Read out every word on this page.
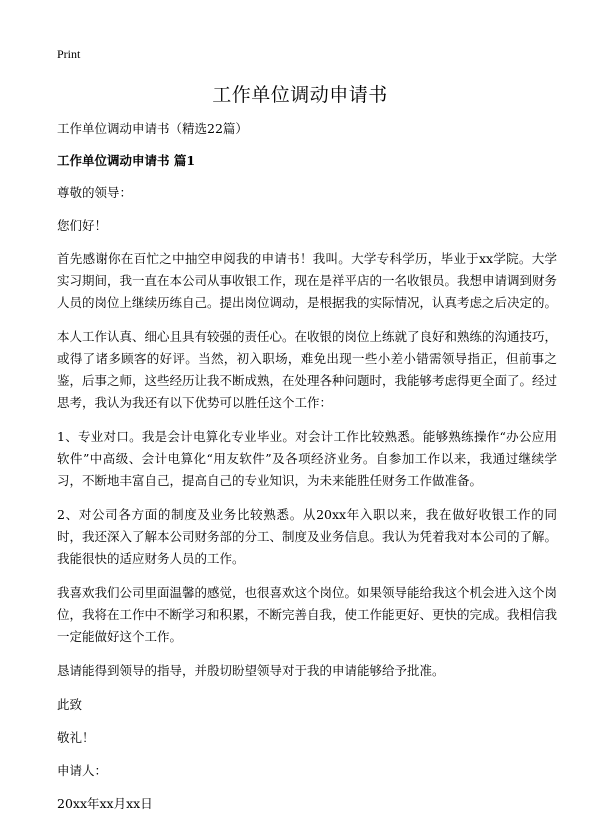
Print
工作单位调动申请书

工作单位调动申请书（精选22篇）

工作单位调动申请书 篇1

尊敬的领导：

您们好！

首先感谢你在百忙之中抽空申阅我的申请书！我叫。大学专科学历，毕业于xx学院。大学实习期间，我一直在本公司从事收银工作，现在是祥平店的一名收银员。我想申请调到财务人员的岗位上继续历练自己。提出岗位调动，是根据我的实际情况，认真考虑之后决定的。

本人工作认真、细心且具有较强的责任心。在收银的岗位上练就了良好和熟练的沟通技巧，或得了诸多顾客的好评。当然，初入职场，难免出现一些小差小错需领导指正，但前事之鉴，后事之师，这些经历让我不断成熟，在处理各种问题时，我能够考虑得更全面了。经过思考，我认为我还有以下优势可以胜任这个工作：

1、专业对口。我是会计电算化专业毕业。对会计工作比较熟悉。能够熟练操作“办公应用软件”中高级、会计电算化“用友软件”及各项经济业务。自参加工作以来，我通过继续学习，不断地丰富自己，提高自己的专业知识，为未来能胜任财务工作做准备。

2、对公司各方面的制度及业务比较熟悉。从20xx年入职以来，我在做好收银工作的同时，我还深入了解本公司财务部的分工、制度及业务信息。我认为凭着我对本公司的了解。我能很快的适应财务人员的工作。

我喜欢我们公司里面温馨的感觉，也很喜欢这个岗位。如果领导能给我这个机会进入这个岗位，我将在工作中不断学习和积累，不断完善自我，使工作能更好、更快的完成。我相信我一定能做好这个工作。

恳请能得到领导的指导，并殷切盼望领导对于我的申请能够给予批准。

此致

敬礼！

申请人：

20xx年xx月xx日
